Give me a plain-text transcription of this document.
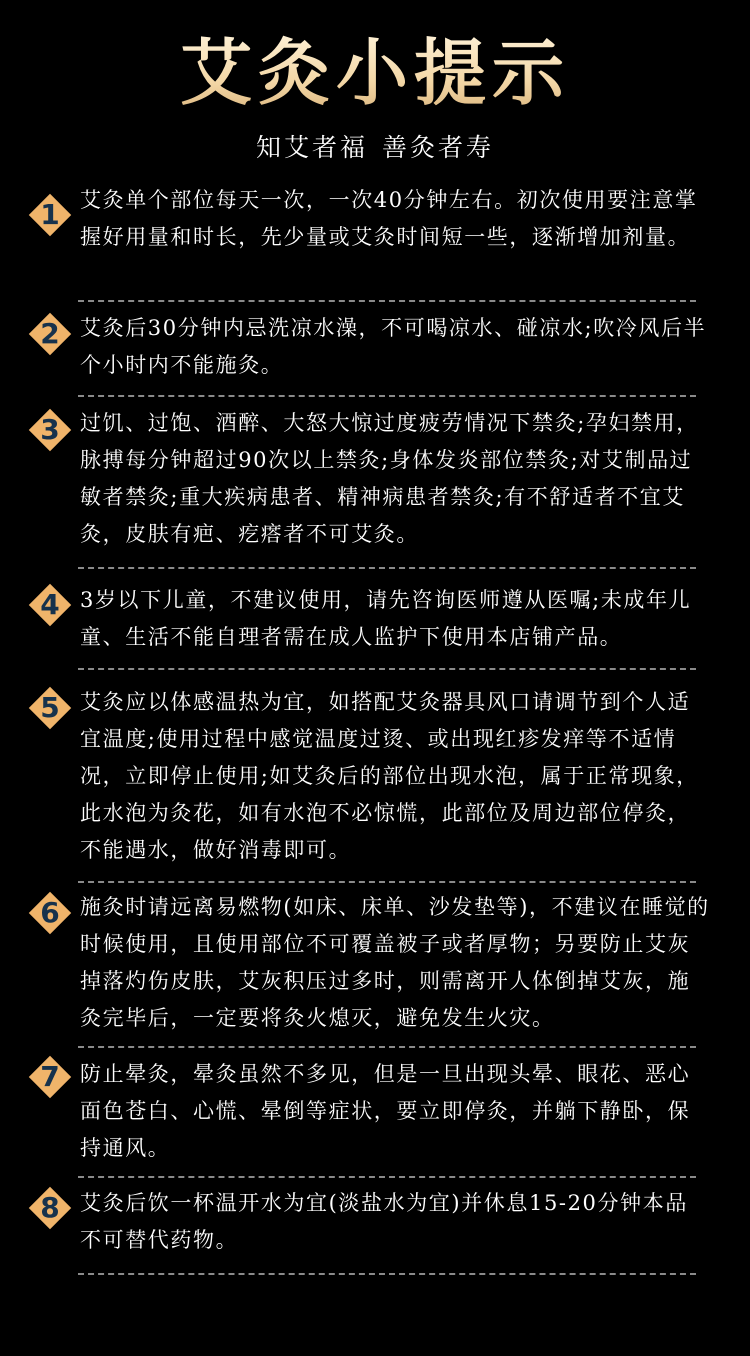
艾灸小提示
知艾者福 善灸者寿
1 艾灸单个部位每天一次，一次40分钟左右。初次使用要注意掌握好用量和时长，先少量或艾灸时间短一些，逐渐增加剂量。
2 艾灸后30分钟内忌洗凉水澡，不可喝凉水、碰凉水;吹冷风后半个小时内不能施灸。
3 过饥、过饱、酒醉、大怒大惊过度疲劳情况下禁灸;孕妇禁用，脉搏每分钟超过90次以上禁灸;身体发炎部位禁灸;对艾制品过敏者禁灸;重大疾病患者、精神病患者禁灸;有不舒适者不宜艾灸，皮肤有疤、疙瘩者不可艾灸。
4 3岁以下儿童，不建议使用，请先咨询医师遵从医嘱;未成年儿童、生活不能自理者需在成人监护下使用本店铺产品。
5 艾灸应以体感温热为宜，如搭配艾灸器具风口请调节到个人适宜温度;使用过程中感觉温度过烫、或出现红疹发痒等不适情况，立即停止使用;如艾灸后的部位出现水泡，属于正常现象，此水泡为灸花，如有水泡不必惊慌，此部位及周边部位停灸，不能遇水，做好消毒即可。
6 施灸时请远离易燃物(如床、床单、沙发垫等)，不建议在睡觉的时候使用，且使用部位不可覆盖被子或者厚物；另要防止艾灰掉落灼伤皮肤，艾灰积压过多时，则需离开人体倒掉艾灰，施灸完毕后，一定要将灸火熄灭，避免发生火灾。
7 防止晕灸，晕灸虽然不多见，但是一旦出现头晕、眼花、恶心面色苍白、心慌、晕倒等症状，要立即停灸，并躺下静卧，保持通风。
8 艾灸后饮一杯温开水为宜(淡盐水为宜)并休息15-20分钟本品不可替代药物。
